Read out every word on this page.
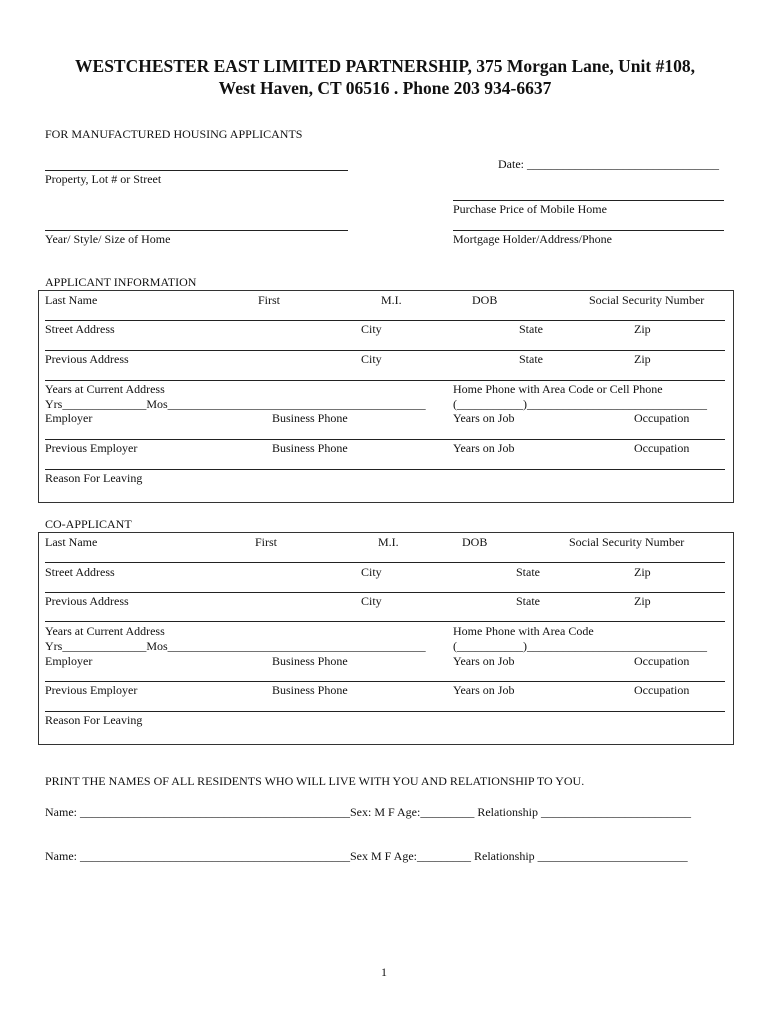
WESTCHESTER EAST LIMITED PARTNERSHIP, 375 Morgan Lane, Unit #108,
West Haven, CT 06516 . Phone 203 934-6637
FOR MANUFACTURED HOUSING APPLICANTS
Property, Lot # or Street
Date: ________________________________
Purchase Price of Mobile Home
Year/ Style/ Size of Home	Mortgage Holder/Address/Phone
APPLICANT INFORMATION
Last Name	First	M.I.	DOB	Social Security Number
Street Address	City	State	Zip
Previous Address	City	State	Zip
Years at Current Address	Home Phone with Area Code or Cell Phone
Yrs______________Mos___________________________________________ (___________)______________________________
Employer	Business Phone	Years on Job	Occupation
Previous Employer	Business Phone	Years on Job	Occupation
Reason For Leaving
CO-APPLICANT
Last Name	First	M.I.	DOB	Social Security Number
Street Address	City	State	Zip
Previous Address	City	State	Zip
Years at Current Address	Home Phone with Area Code
Yrs______________Mos___________________________________________ (___________)______________________________
Employer	Business Phone	Years on Job	Occupation
Previous Employer	Business Phone	Years on Job	Occupation
Reason For Leaving
PRINT THE NAMES OF ALL RESIDENTS WHO WILL LIVE WITH YOU AND RELATIONSHIP TO YOU.
Name: _____________________________________________Sex: M F Age:_________ Relationship _________________________
Name: _____________________________________________Sex M F Age:_________ Relationship _________________________
1
